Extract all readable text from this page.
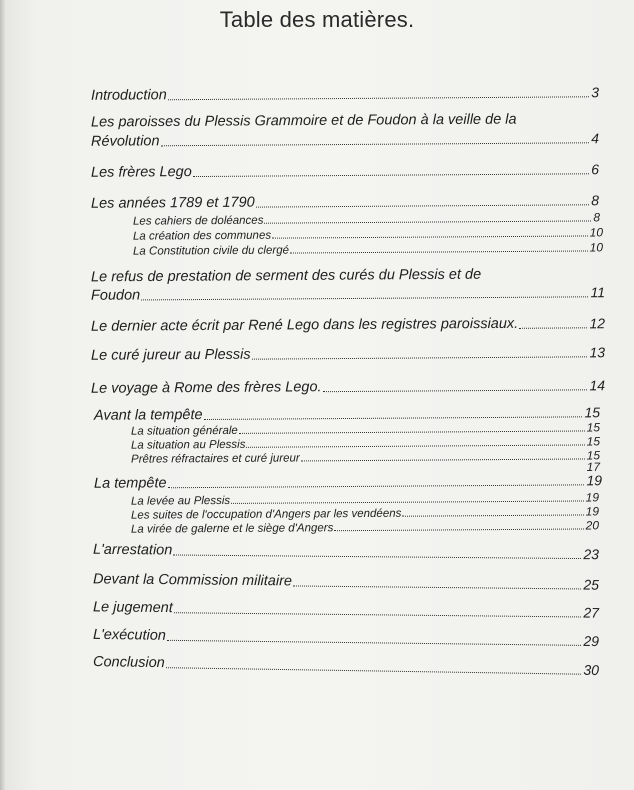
Table des matières.
Introduction	3
Les paroisses du Plessis Grammoire et de Foudon à la veille de la
Révolution	4
Les frères Lego	6
Les années 1789 et 1790	8
Les cahiers de doléances	8
La création des communes	10
La Constitution civile du clergé	10
Le refus de prestation de serment des curés du Plessis et de
Foudon	11
Le dernier acte écrit par René Lego dans les registres paroissiaux.	12
Le curé jureur au Plessis	13
Le voyage à Rome des frères Lego.	14
Avant la tempête	15
La situation générale	15
La situation au Plessis	15
Prêtres réfractaires et curé jureur	15
17
La tempête	19
La levée au Plessis	19
Les suites de l'occupation d'Angers par les vendéens	19
La virée de galerne et le siège d'Angers	20
L'arrestation	23
Devant la Commission militaire	25
Le jugement	27
L'exécution	29
Conclusion	30
